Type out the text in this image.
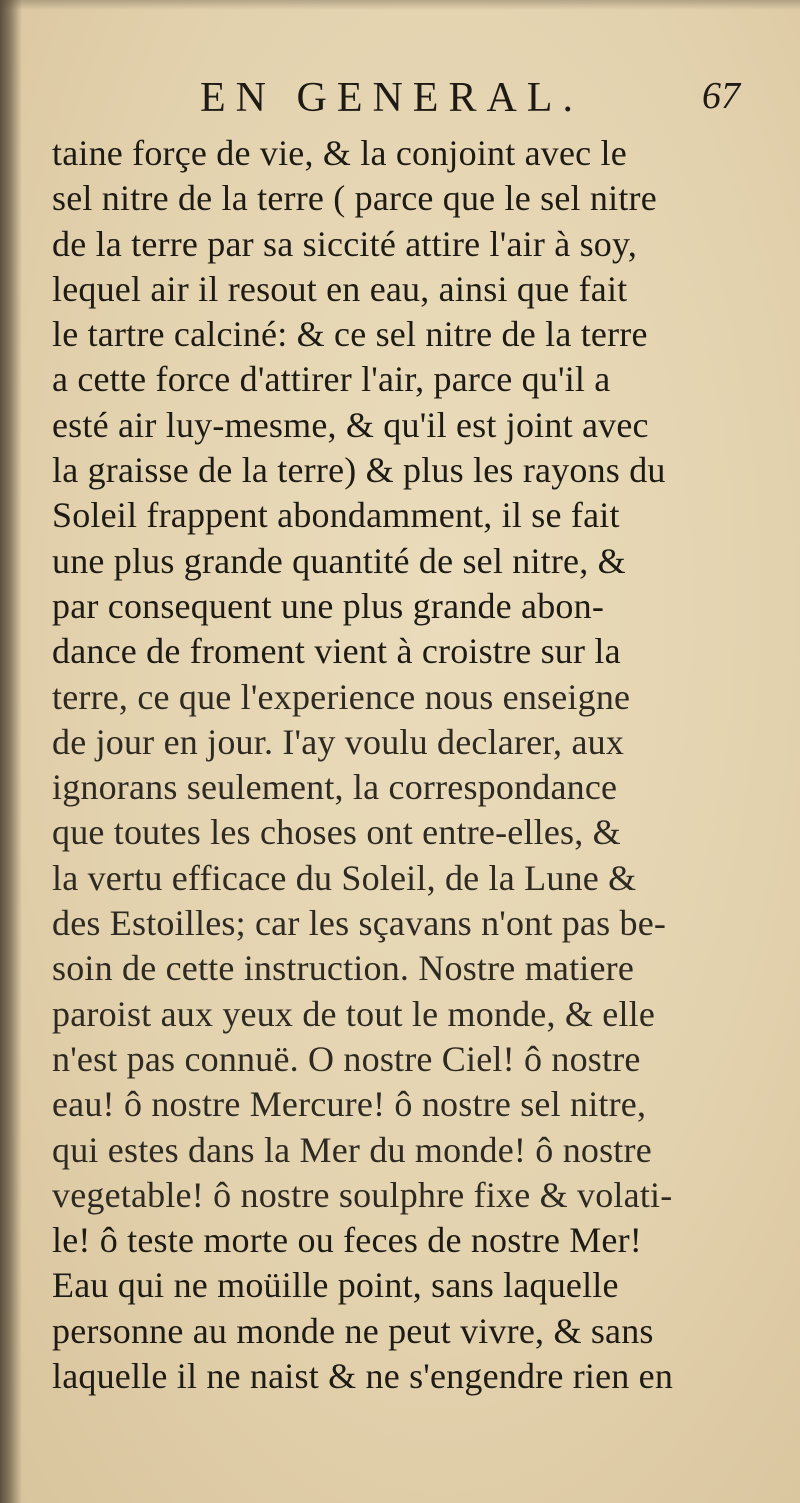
EN GENERAL.	67
taine forçe de vie, & la conjoint avec le
sel nitre de la terre ( parce que le sel nitre
de la terre par sa siccité attire l'air à soy,
lequel air il resout en eau, ainsi que fait
le tartre calciné: & ce sel nitre de la terre
a cette force d'attirer l'air, parce qu'il a
esté air luy-mesme, & qu'il est joint avec
la graisse de la terre) & plus les rayons du
Soleil frappent abondamment, il se fait
une plus grande quantité de sel nitre, &
par consequent une plus grande abon-
dance de froment vient à croistre sur la
terre, ce que l'experience nous enseigne
de jour en jour. I'ay voulu declarer, aux
ignorans seulement, la correspondance
que toutes les choses ont entre-elles, &
la vertu efficace du Soleil, de la Lune &
des Estoilles; car les sçavans n'ont pas be-
soin de cette instruction. Nostre matiere
paroist aux yeux de tout le monde, & elle
n'est pas connuë. O nostre Ciel! ô nostre
eau! ô nostre Mercure! ô nostre sel nitre,
qui estes dans la Mer du monde! ô nostre
vegetable! ô nostre soulphre fixe & volati-
le! ô teste morte ou feces de nostre Mer!
Eau qui ne moüille point, sans laquelle
personne au monde ne peut vivre, & sans
laquelle il ne naist & ne s'engendre rien en
